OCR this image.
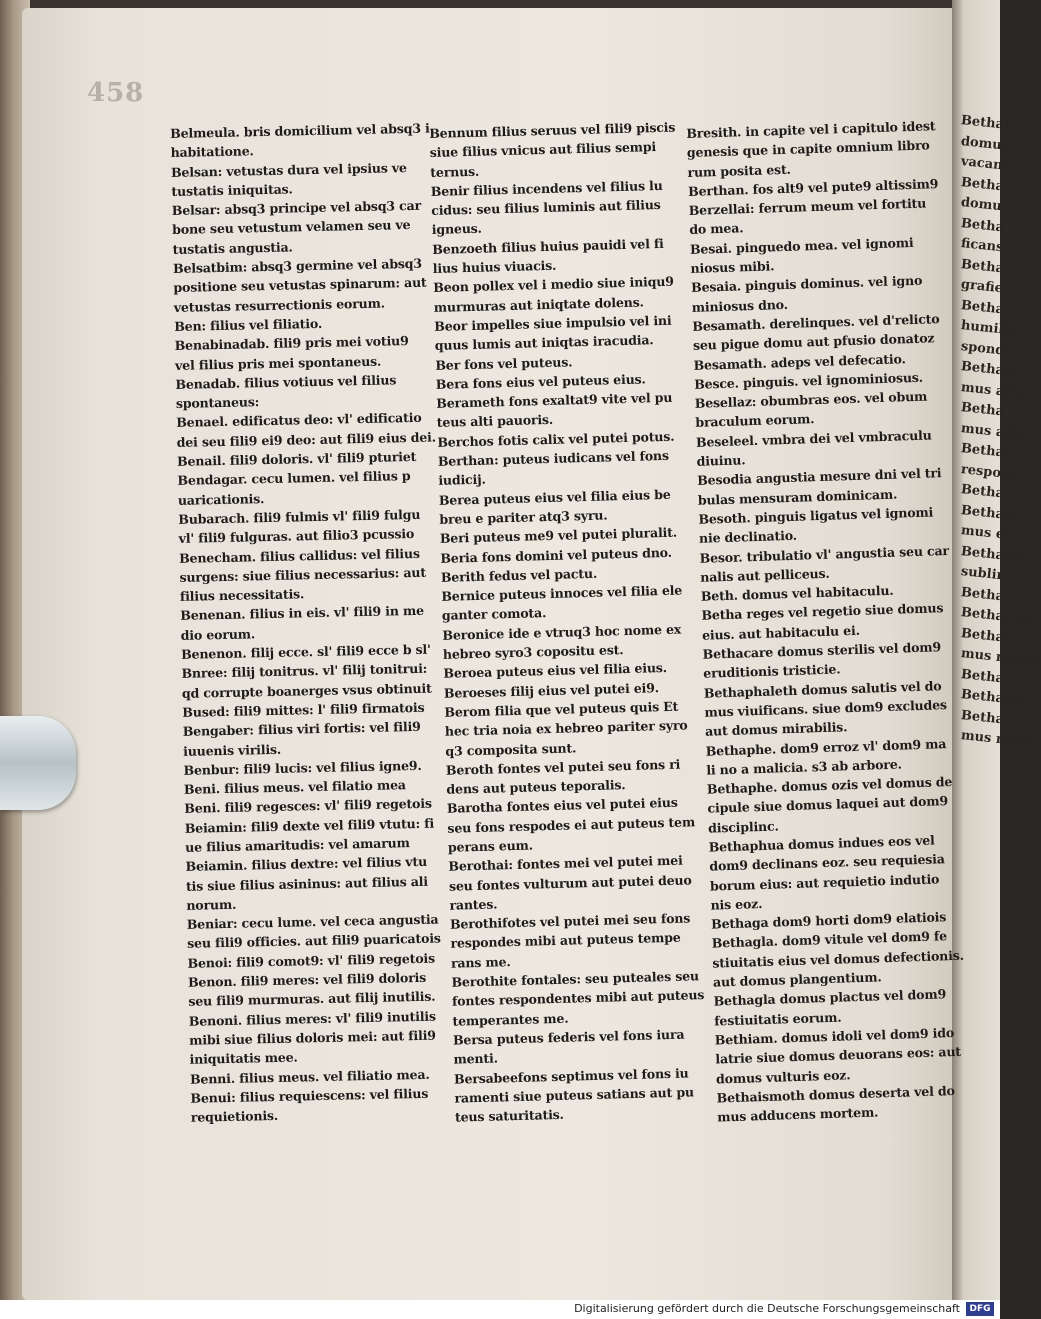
458
Bethab
domus
vacans
Betha
domus
Betha
ficans
Betha
grafie
Betha
humilia
sponde
Bethari
mus affli
Betha
mus affli
Bethan
respons
Betha
Bethara
mus elect
Betharai
sublimit
Betha
Betharaba
Bethara
mus medic
Betha
Betharan
Bethara
mus medic
Belmeula. bris domicilium vel absq3 i
habitatione.
Belsan: vetustas dura vel ipsius ve
tustatis iniquitas.
Belsar: absq3 principe vel absq3 car
bone seu vetustum velamen seu ve
tustatis angustia.
Belsatbim: absq3 germine vel absq3
positione seu vetustas spinarum: aut
vetustas resurrectionis eorum.
Ben: filius vel filiatio.
Benabinadab. fili9 pris mei votiu9
vel filius pris mei spontaneus.
Benadab. filius votiuus vel filius
spontaneus:
Benael. edificatus deo: vl' edificatio
dei seu fili9 ei9 deo: aut fili9 eius dei.
Benail. fili9 doloris. vl' fili9 pturiet
Bendagar. cecu lumen. vel filius p
uaricationis.
Bubarach. fili9 fulmis vl' fili9 fulgu
vl' fili9 fulguras. aut filio3 pcussio
Benecham. filius callidus: vel filius
surgens: siue filius necessarius: aut
filius necessitatis.
Benenan. filius in eis. vl' fili9 in me
dio eorum.
Benenon. filij ecce. sl' fili9 ecce b sl'
Bnree: filij tonitrus. vl' filij tonitrui:
qd corrupte boanerges vsus obtinuit
Bused: fili9 mittes: l' fili9 firmatois
Bengaber: filius viri fortis: vel fili9
iuuenis virilis.
Benbur: fili9 lucis: vel filius igne9.
Beni. filius meus. vel filatio mea
Beni. fili9 regesces: vl' fili9 regetois
Beiamin: fili9 dexte vel fili9 vtutu: fi
ue filius amaritudis: vel amarum
Beiamin. filius dextre: vel filius vtu
tis siue filius asininus: aut filius ali
norum.
Beniar: cecu lume. vel ceca angustia
seu fili9 officies. aut fili9 puaricatois
Benoi: fili9 comot9: vl' fili9 regetois
Benon. fili9 meres: vel fili9 doloris
seu fili9 murmuras. aut filij inutilis.
Benoni. filius meres: vl' fili9 inutilis
mibi siue filius doloris mei: aut fili9
iniquitatis mee.
Benni. filius meus. vel filiatio mea.
Benui: filius requiescens: vel filius
requietionis.
Bennum filius seruus vel fili9 piscis
siue filius vnicus aut filius sempi
ternus.
Benir filius incendens vel filius lu
cidus: seu filius luminis aut filius
igneus.
Benzoeth filius huius pauidi vel fi
lius huius viuacis.
Beon pollex vel i medio siue iniqu9
murmuras aut iniqtate dolens.
Beor impelles siue impulsio vel ini
quus lumis aut iniqtas iracudia.
Ber fons vel puteus.
Bera fons eius vel puteus eius.
Berameth fons exaltat9 vite vel pu
teus alti pauoris.
Berchos fotis calix vel putei potus.
Berthan: puteus iudicans vel fons
iudicij.
Berea puteus eius vel filia eius be
breu e pariter atq3 syru.
Beri puteus me9 vel putei pluralit.
Beria fons domini vel puteus dno.
Berith fedus vel pactu.
Bernice puteus innoces vel filia ele
ganter comota.
Beronice ide e vtruq3 hoc nome ex
hebreo syro3 copositu est.
Beroea puteus eius vel filia eius.
Beroeses filij eius vel putei ei9.
Berom filia que vel puteus quis Et
hec tria noia ex hebreo pariter syro
q3 composita sunt.
Beroth fontes vel putei seu fons ri
dens aut puteus teporalis.
Barotha fontes eius vel putei eius
seu fons respodes ei aut puteus tem
perans eum.
Berothai: fontes mei vel putei mei
seu fontes vulturum aut putei deuo
rantes.
Berothifotes vel putei mei seu fons
respondes mibi aut puteus tempe
rans me.
Berothite fontales: seu puteales seu
fontes respondentes mibi aut puteus
temperantes me.
Bersa puteus federis vel fons iura
menti.
Bersabeefons septimus vel fons iu
ramenti siue puteus satians aut pu
teus saturitatis.
Bresith. in capite vel i capitulo idest
genesis que in capite omnium libro
rum posita est.
Berthan. fos alt9 vel pute9 altissim9
Berzellai: ferrum meum vel fortitu
do mea.
Besai. pinguedo mea. vel ignomi
niosus mibi.
Besaia. pinguis dominus. vel igno
miniosus dno.
Besamath. derelinques. vel d'relicto
seu pigue domu aut pfusio donatoz
Besamath. adeps vel defecatio.
Besce. pinguis. vel ignominiosus.
Besellaz: obumbras eos. vel obum
braculum eorum.
Beseleel. vmbra dei vel vmbraculu
diuinu.
Besodia angustia mesure dni vel tri
bulas mensuram dominicam.
Besoth. pinguis ligatus vel ignomi
nie declinatio.
Besor. tribulatio vl' angustia seu car
nalis aut pelliceus.
Beth. domus vel habitaculu.
Betha reges vel regetio siue domus
eius. aut habitaculu ei.
Bethacare domus sterilis vel dom9
eruditionis tristicie.
Bethaphaleth domus salutis vel do
mus viuificans. siue dom9 excludes
aut domus mirabilis.
Bethaphe. dom9 erroz vl' dom9 ma
li no a malicia. s3 ab arbore.
Bethaphe. domus ozis vel domus de
cipule siue domus laquei aut dom9
disciplinc.
Bethaphua domus indues eos vel
dom9 declinans eoz. seu requiesia
borum eius: aut requietio indutio
nis eoz.
Bethaga dom9 horti dom9 elatiois
Bethagla. dom9 vitule vel dom9 fe
stiuitatis eius vel domus defectionis.
aut domus plangentium.
Bethagla domus plactus vel dom9
festiuitatis eorum.
Bethiam. domus idoli vel dom9 ido
latrie siue domus deuorans eos: aut
domus vulturis eoz.
Bethaismoth domus deserta vel do
mus adducens mortem.
Digitalisierung gefördert durch die Deutsche Forschungsgemeinschaft	DFG
